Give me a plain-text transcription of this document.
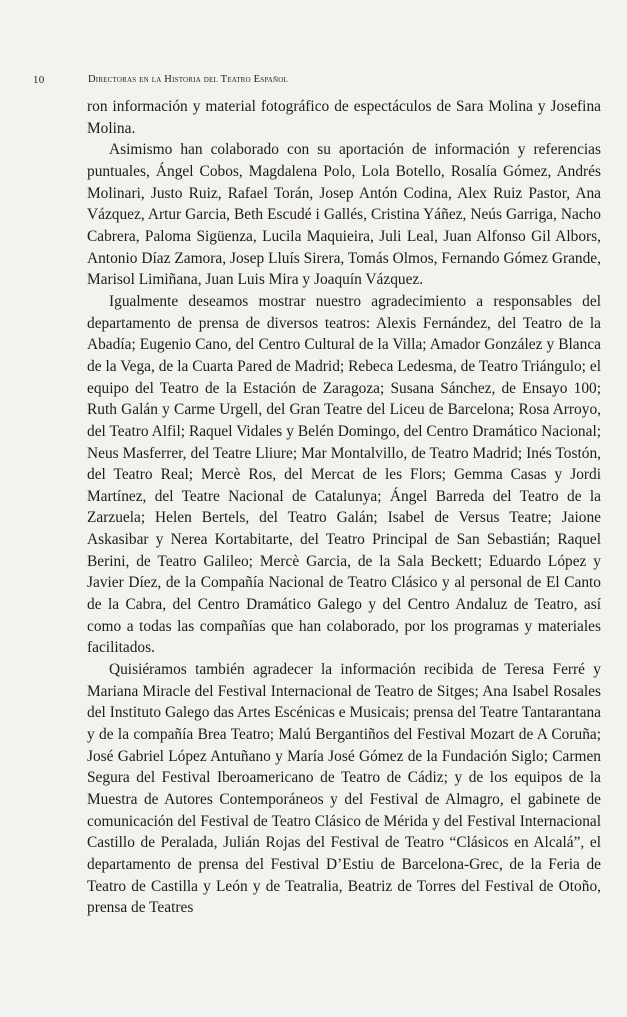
10	Directoras en la Historia del Teatro Español

ron información y material fotográfico de espectáculos de Sara Molina y Josefina Molina.

Asimismo han colaborado con su aportación de información y referencias puntuales, Ángel Cobos, Magdalena Polo, Lola Botello, Rosalía Gómez, Andrés Molinari, Justo Ruiz, Rafael Torán, Josep Antón Codina, Alex Ruiz Pastor, Ana Vázquez, Artur Garcia, Beth Escudé i Gallés, Cristina Yáñez, Neús Garriga, Nacho Cabrera, Paloma Sigüenza, Lucila Maquieira, Juli Leal, Juan Alfonso Gil Albors, Antonio Díaz Zamora, Josep Lluís Sirera, Tomás Olmos, Fernando Gómez Grande, Marisol Limiñana, Juan Luis Mira y Joaquín Vázquez.

Igualmente deseamos mostrar nuestro agradecimiento a responsables del departamento de prensa de diversos teatros: Alexis Fernández, del Teatro de la Abadía; Eugenio Cano, del Centro Cultural de la Villa; Amador González y Blanca de la Vega, de la Cuarta Pared de Madrid; Rebeca Ledesma, de Teatro Triángulo; el equipo del Teatro de la Estación de Zaragoza; Susana Sánchez, de Ensayo 100; Ruth Galán y Carme Urgell, del Gran Teatre del Liceu de Barcelona; Rosa Arroyo, del Teatro Alfil; Raquel Vidales y Belén Domingo, del Centro Dramático Nacional; Neus Masferrer, del Teatre Lliure; Mar Montalvillo, de Teatro Madrid; Inés Tostón, del Teatro Real; Mercè Ros, del Mercat de les Flors; Gemma Casas y Jordi Martínez, del Teatre Nacional de Catalunya; Ángel Barreda del Teatro de la Zarzuela; Helen Bertels, del Teatro Galán; Isabel de Versus Teatre; Jaione Askasibar y Nerea Kortabitarte, del Teatro Principal de San Sebastián; Raquel Berini, de Teatro Galileo; Mercè Garcia, de la Sala Beckett; Eduardo López y Javier Díez, de la Compañía Nacional de Teatro Clásico y al personal de El Canto de la Cabra, del Centro Dramático Galego y del Centro Andaluz de Teatro, así como a todas las compañías que han colaborado, por los programas y materiales facilitados.

Quisiéramos también agradecer la información recibida de Teresa Ferré y Mariana Miracle del Festival Internacional de Teatro de Sitges; Ana Isabel Rosales del Instituto Galego das Artes Escénicas e Musicais; prensa del Teatre Tantarantana y de la compañía Brea Teatro; Malú Bergantiños del Festival Mozart de A Coruña; José Gabriel López Antuñano y María José Gómez de la Fundación Siglo; Carmen Segura del Festival Iberoamericano de Teatro de Cádiz; y de los equipos de la Muestra de Autores Contemporáneos y del Festival de Almagro, el gabinete de comunicación del Festival de Teatro Clásico de Mérida y del Festival Internacional Castillo de Peralada, Julián Rojas del Festival de Teatro “Clásicos en Alcalá”, el departamento de prensa del Festival D’Estiu de Barcelona-Grec, de la Feria de Teatro de Castilla y León y de Teatralia, Beatriz de Torres del Festival de Otoño, prensa de Teatres
